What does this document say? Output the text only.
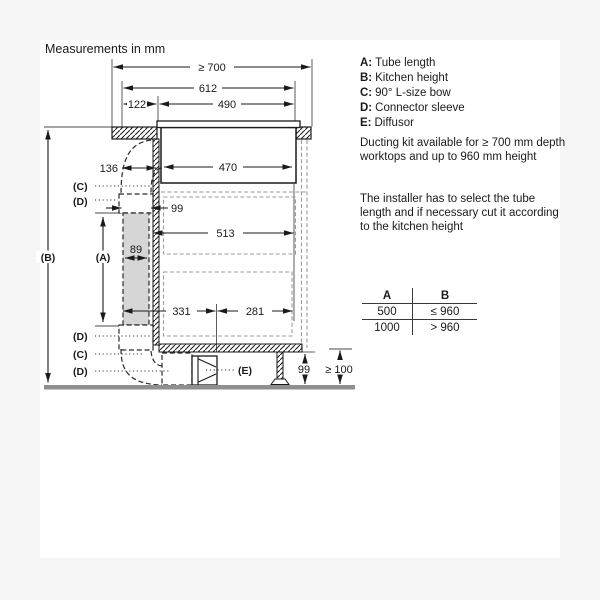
Measurements in mm
≥ 700
612
122	490
470
136
99
513
89
331	281
99 ≥ 100
(B)	(A)
(C)
(D)
(D)
(C)
(D)	(E)
A: Tube length
B: Kitchen height
C: 90° L-size bow
D: Connector sleeve
E: Diffusor
Ducting kit available for ≥ 700 mm depth worktops and up to 960 mm height
The installer has to select the tube length and if necessary cut it according to the kitchen height
A	B
500	≤ 960
1000	> 960
